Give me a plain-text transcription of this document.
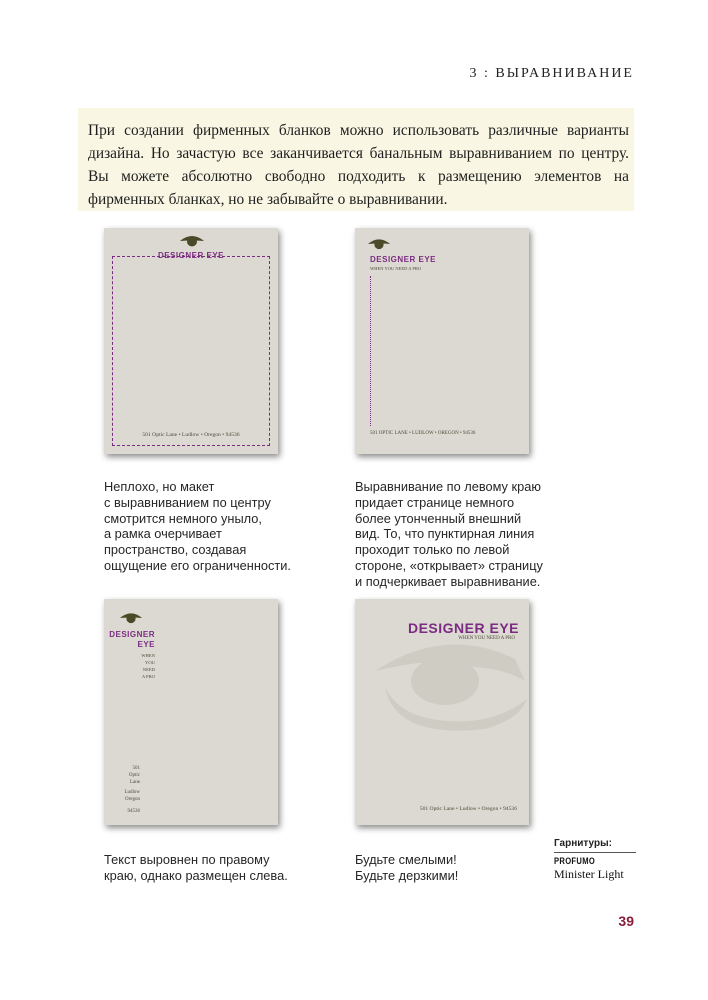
3 : ВЫРАВНИВАНИЕ

При создании фирменных бланков можно использовать различные варианты дизайна. Но зачастую все заканчивается банальным выравниванием по центру. Вы можете абсолютно свободно подходить к размещению элементов на фирменных бланках, но не забывайте о выравнивании.

DESIGNER EYE
501 Optic Lane • Ludlow • Oregon • 94536
DESIGNER EYE
WHEN YOU NEED A PRO
501 OPTIC LANE • LUDLOW • OREGON • 94536
DESIGNER
EYE
WHEN
YOU
NEED
A PRO
501
Optic
Lane
Ludlow
Oregon
94536
DESIGNER EYE
WHEN YOU NEED A PRO
501 Optic Lane • Ludlow • Oregon • 94536
Неплохо, но макет
с выравниванием по центру
смотрится немного уныло,
а рамка очерчивает
пространство, создавая
ощущение его ограниченности.
Выравнивание по левому краю
придает странице немного
более утонченный внешний
вид. То, что пунктирная линия
проходит только по левой
стороне, «открывает» страницу
и подчеркивает выравнивание.
Текст выровнен по правому
краю, однако размещен слева.
Будьте смелыми!
Будьте дерзкими!
Гарнитуры:
PROFUMO
Minister Light
39
